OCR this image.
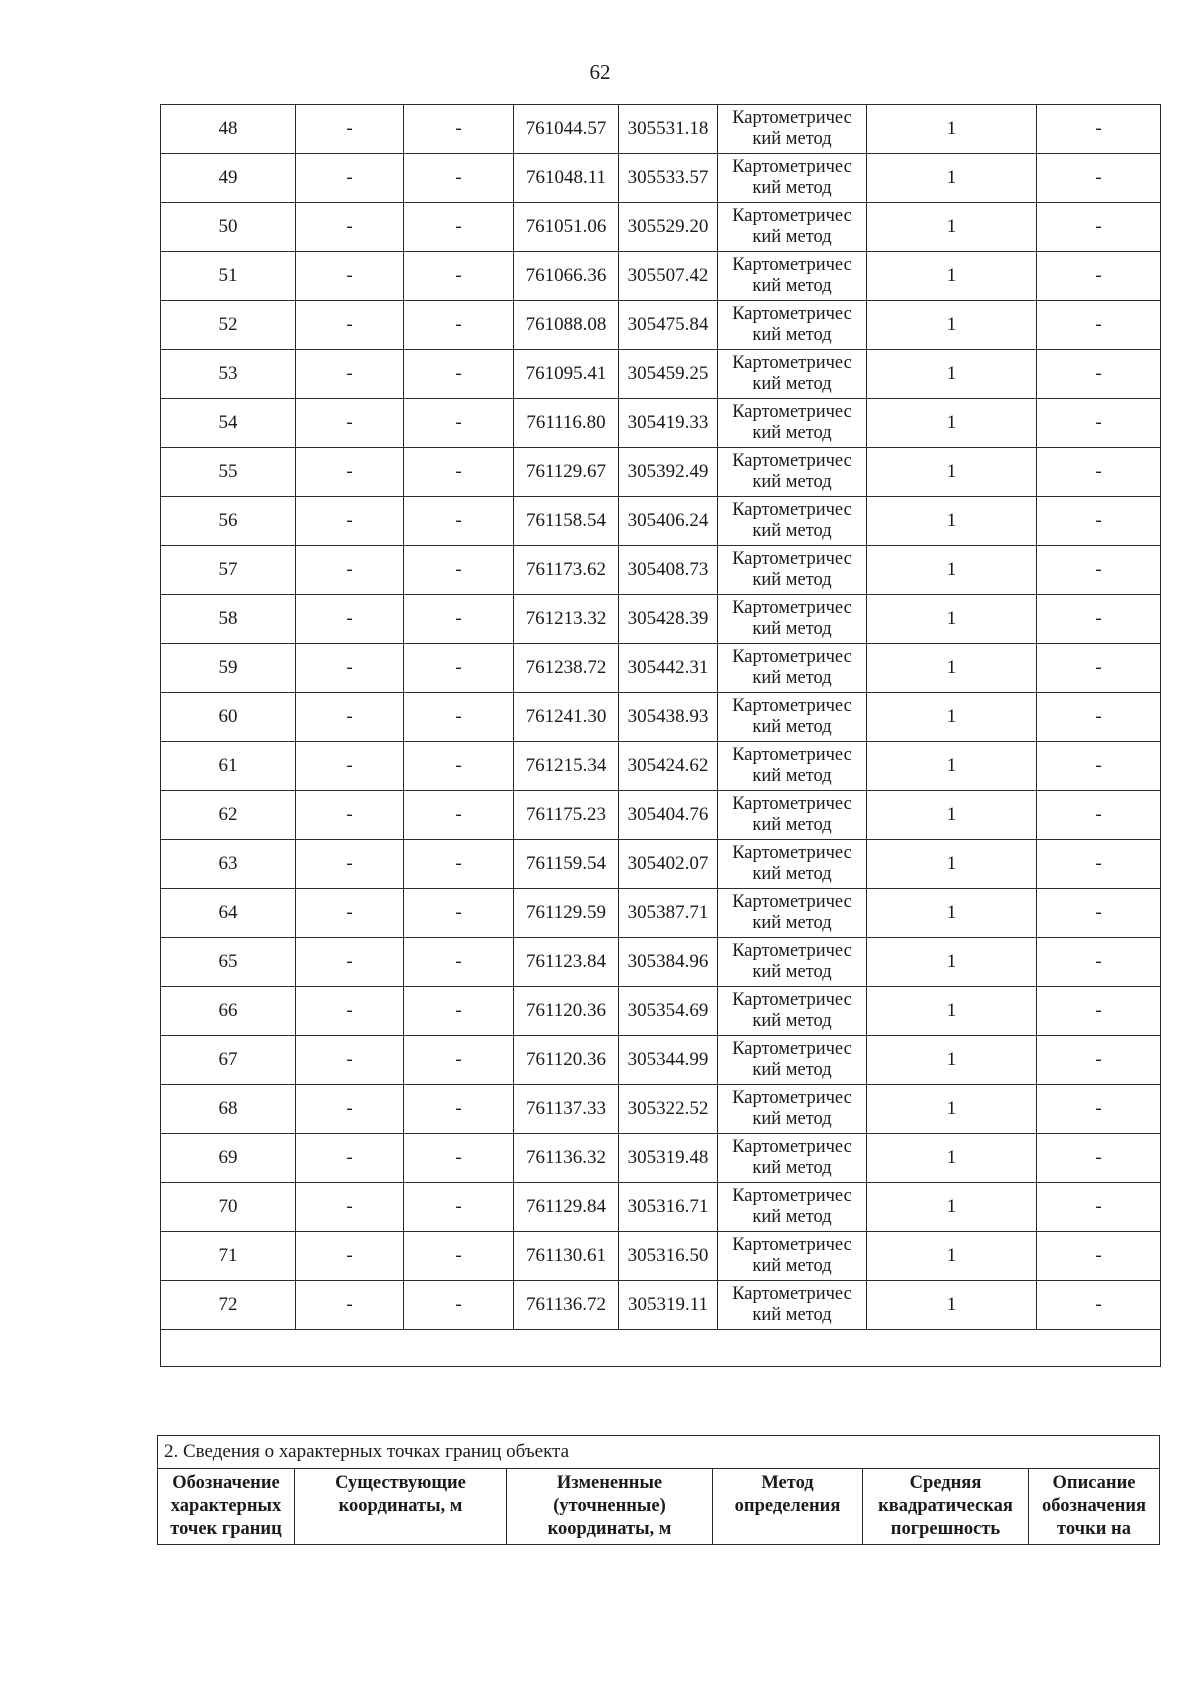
62
48	-	-	761044.57	305531.18	Картометричес
кий метод	1	-
49	-	-	761048.11	305533.57	Картометричес
кий метод	1	-
50	-	-	761051.06	305529.20	Картометричес
кий метод	1	-
51	-	-	761066.36	305507.42	Картометричес
кий метод	1	-
52	-	-	761088.08	305475.84	Картометричес
кий метод	1	-
53	-	-	761095.41	305459.25	Картометричес
кий метод	1	-
54	-	-	761116.80	305419.33	Картометричес
кий метод	1	-
55	-	-	761129.67	305392.49	Картометричес
кий метод	1	-
56	-	-	761158.54	305406.24	Картометричес
кий метод	1	-
57	-	-	761173.62	305408.73	Картометричес
кий метод	1	-
58	-	-	761213.32	305428.39	Картометричес
кий метод	1	-
59	-	-	761238.72	305442.31	Картометричес
кий метод	1	-
60	-	-	761241.30	305438.93	Картометричес
кий метод	1	-
61	-	-	761215.34	305424.62	Картометричес
кий метод	1	-
62	-	-	761175.23	305404.76	Картометричес
кий метод	1	-
63	-	-	761159.54	305402.07	Картометричес
кий метод	1	-
64	-	-	761129.59	305387.71	Картометричес
кий метод	1	-
65	-	-	761123.84	305384.96	Картометричес
кий метод	1	-
66	-	-	761120.36	305354.69	Картометричес
кий метод	1	-
67	-	-	761120.36	305344.99	Картометричес
кий метод	1	-
68	-	-	761137.33	305322.52	Картометричес
кий метод	1	-
69	-	-	761136.32	305319.48	Картометричес
кий метод	1	-
70	-	-	761129.84	305316.71	Картометричес
кий метод	1	-
71	-	-	761130.61	305316.50	Картометричес
кий метод	1	-
72	-	-	761136.72	305319.11	Картометричес
кий метод	1	-

2. Сведения о характерных точках границ объекта
Обозначение
характерных
точек границ	Существующие
координаты, м	Измененные
(уточненные)
координаты, м	Метод
определения	Средняя
квадратическая
погрешность	Описание
обозначения
точки на
